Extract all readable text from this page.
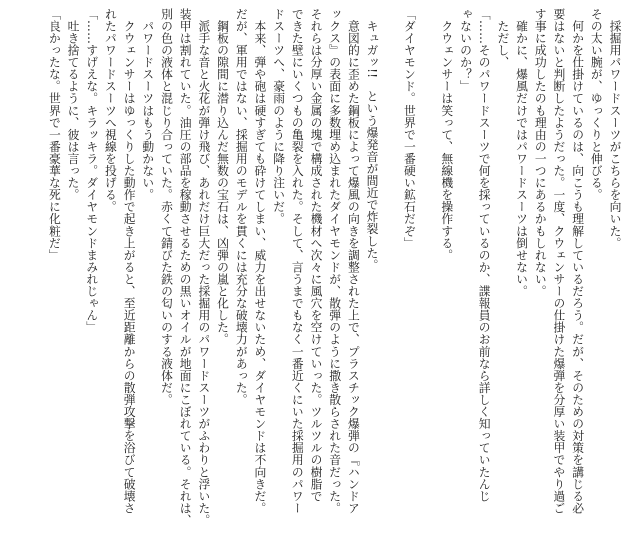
　採掘用パワードスーツがこちらを向いた。
その太い腕が、ゆっくりと伸びる。
　何かを仕掛けているのは、向こうも理解しているだろう。だが、そのための対策を講じる必
要はないと判断したようだった。一度、クウェンサーの仕掛けた爆弾を分厚い装甲でやり過ご
す事に成功したのも理由の一つにあるかもしれない。
　確かに、爆風だけではパワードスーツは倒せない。
　ただし、
「……そのパワードスーツで何を採っているのか、諜報員のお前なら詳しく知っていたんじ
ゃないのか？」
　クウェンサーは笑って、無線機を操作する。
「ダイヤモンド。世界で一番硬い鉱石だぞ」
　キュガッ!!　という爆発音が間近で炸裂した。
　意図的に歪めた鋼板によって爆風の向きを調整された上で、プラスチック爆弾の『ハンドア
ックス』の表面に多数埋め込まれたダイヤモンドが、散弾のように撒き散らされた音だった。
それらは分厚い金属の塊で構成された機材へ次々に風穴を空けていった。ツルツルの樹脂で
できた壁にいくつもの亀裂を入れた。そして、言うまでもなく一番近くにいた採掘用のパワー
ドスーツへ、豪雨のように降り注いだ。
　本来、弾や砲は硬すぎても砕けてしまい、威力を出せないため、ダイヤモンドは不向きだ。
だが、軍用ではない、採掘用のモデルを貫くには充分な破壊力があった。
　鋼板の隙間に潜り込んだ無数の宝石は、凶弾の嵐と化した。
　派手な音と火花が弾け飛び、あれだけ巨大だった採掘用のパワードスーツがふわりと浮いた。
装甲は割れていた。油圧の部品を稼動させるための黒いオイルが地面にこぼれている。それは、
別の色の液体と混じり合っていた。赤くて錆びた鉄の匂いのする液体だ。
　パワードスーツはもう動かない。
　クウェンサーはゆっくりした動作で起き上がると、至近距離からの散弾攻撃を浴びて破壊さ
れたパワードスーツへ視線を投げる。
「……すげえな。キラッキラ。ダイヤモンドまみれじゃん」
　吐き捨てるように、彼は言った。
「良かったな。世界で一番豪華な死に化粧だ」
